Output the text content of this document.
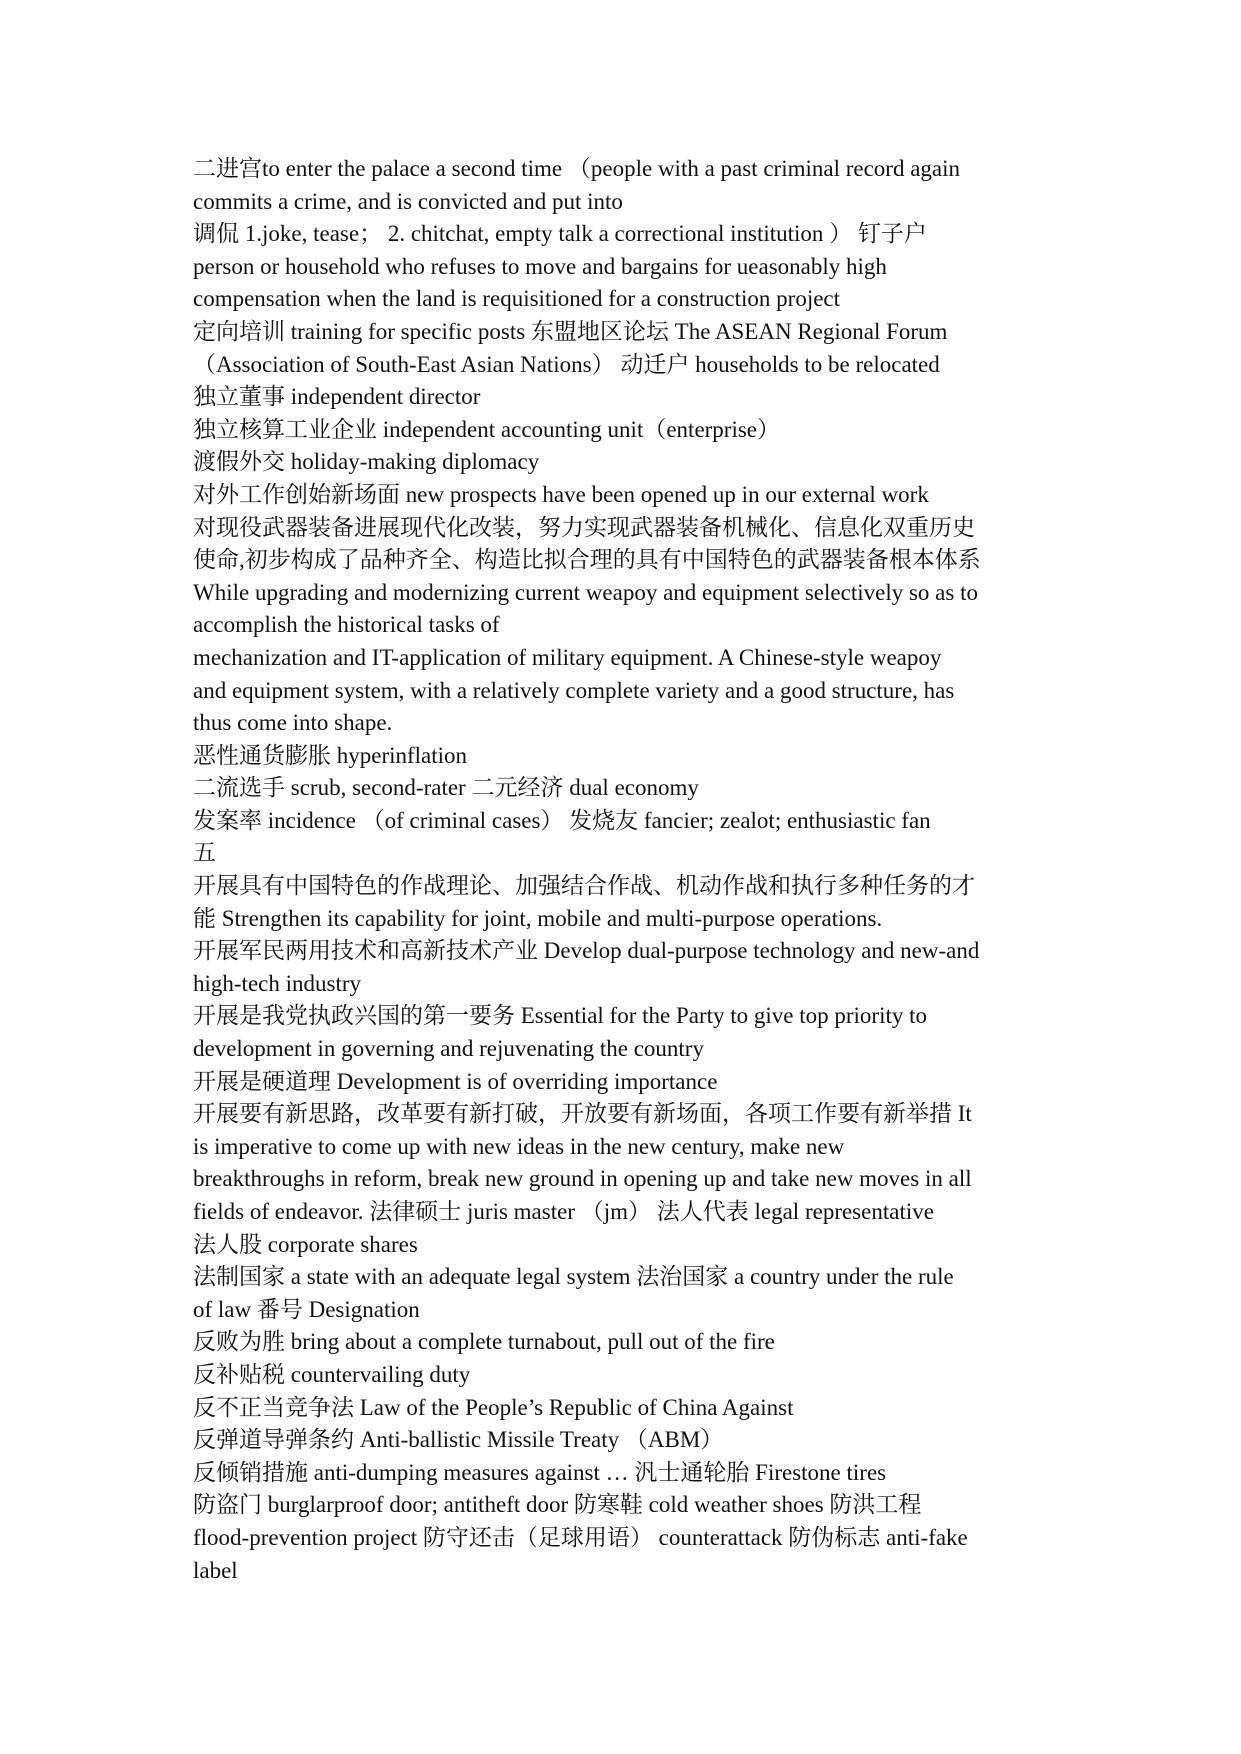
二进宫to enter the palace a second time （people with a past criminal record again
commits a crime, and is convicted and put into
调侃 1.joke, tease； 2. chitchat, empty talk a correctional institution ） 钉子户
person or household who refuses to move and bargains for ueasonably high
compensation when the land is requisitioned for a construction project
定向培训 training for specific posts 东盟地区论坛 The ASEAN Regional Forum
（Association of South-East Asian Nations） 动迁户 households to be relocated
独立董事 independent director
独立核算工业企业 independent accounting unit（enterprise）
渡假外交 holiday-making diplomacy
对外工作创始新场面 new prospects have been opened up in our external work
对现役武器装备进展现代化改装，努力实现武器装备机械化、信息化双重历史
使命,初步构成了品种齐全、构造比拟合理的具有中国特色的武器装备根本体系
While upgrading and modernizing current weapoy and equipment selectively so as to
accomplish the historical tasks of
mechanization and IT-application of military equipment. A Chinese-style weapoy
and equipment system, with a relatively complete variety and a good structure, has
thus come into shape.
恶性通货膨胀 hyperinflation
二流选手 scrub, second-rater 二元经济 dual economy
发案率 incidence （of criminal cases） 发烧友 fancier; zealot; enthusiastic fan
五
开展具有中国特色的作战理论、加强结合作战、机动作战和执行多种任务的才
能 Strengthen its capability for joint, mobile and multi-purpose operations.
开展军民两用技术和高新技术产业 Develop dual-purpose technology and new-and
high-tech industry
开展是我党执政兴国的第一要务 Essential for the Party to give top priority to
development in governing and rejuvenating the country
开展是硬道理 Development is of overriding importance
开展要有新思路，改革要有新打破，开放要有新场面，各项工作要有新举措 It
is imperative to come up with new ideas in the new century, make new
breakthroughs in reform, break new ground in opening up and take new moves in all
fields of endeavor. 法律硕士 juris master （jm） 法人代表 legal representative
法人股 corporate shares
法制国家 a state with an adequate legal system 法治国家 a country under the rule
of law 番号 Designation
反败为胜 bring about a complete turnabout, pull out of the fire
反补贴税 countervailing duty
反不正当竞争法 Law of the People’s Republic of China Against
反弹道导弹条约 Anti-ballistic Missile Treaty （ABM）
反倾销措施 anti-dumping measures against … 汎士通轮胎 Firestone tires
防盗门 burglarproof door; antitheft door 防寒鞋 cold weather shoes 防洪工程
flood-prevention project 防守还击（足球用语） counterattack 防伪标志 anti-fake
label
